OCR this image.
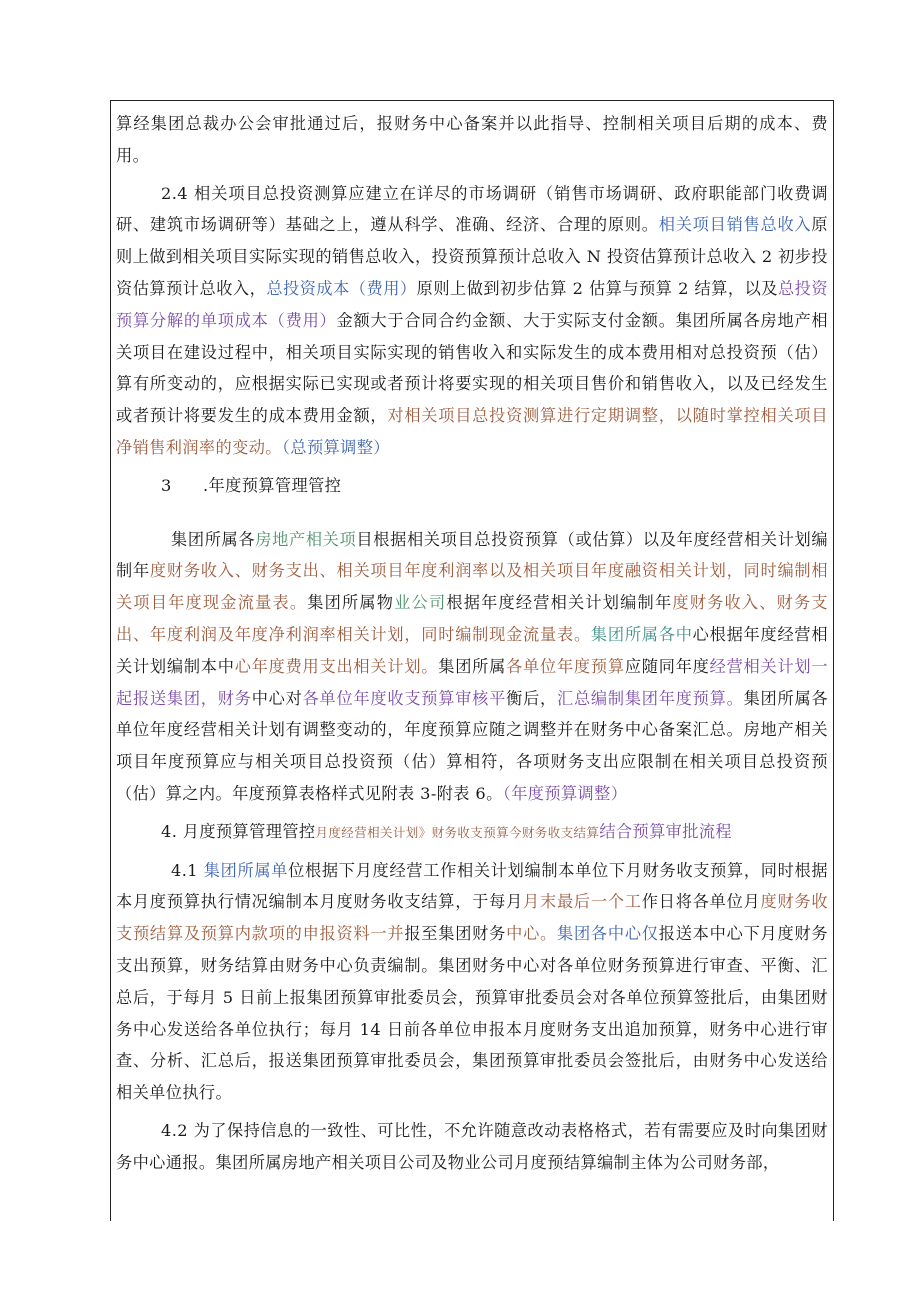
算经集团总裁办公会审批通过后，报财务中心备案并以此指导、控制相关项目后期的成本、费用。

2.4 相关项目总投资测算应建立在详尽的市场调研（销售市场调研、政府职能部门收费调研、建筑市场调研等）基础之上，遵从科学、准确、经济、合理的原则。相关项目销售总收入原则上做到相关项目实际实现的销售总收入，投资预算预计总收入 N 投资估算预计总收入 2 初步投资估算预计总收入，总投资成本（费用）原则上做到初步估算 2 估算与预算 2 结算，以及总投资预算分解的单项成本（费用）金额大于合同合约金额、大于实际支付金额。集团所属各房地产相关项目在建设过程中，相关项目实际实现的销售收入和实际发生的成本费用相对总投资预（估）算有所变动的，应根据实际已实现或者预计将要实现的相关项目售价和销售收入，以及已经发生或者预计将要发生的成本费用金额，对相关项目总投资测算进行定期调整，以随时掌控相关项目净销售利润率的变动。（总预算调整）

3 .年度预算管理管控

集团所属各房地产相关项目根据相关项目总投资预算（或估算）以及年度经营相关计划编制年度财务收入、财务支出、相关项目年度利润率以及相关项目年度融资相关计划，同时编制相关项目年度现金流量表。集团所属物业公司根据年度经营相关计划编制年度财务收入、财务支出、年度利润及年度净利润率相关计划，同时编制现金流量表。集团所属各中心根据年度经营相关计划编制本中心年度费用支出相关计划。集团所属各单位年度预算应随同年度经营相关计划一起报送集团，财务中心对各单位年度收支预算审核平衡后，汇总编制集团年度预算。集团所属各单位年度经营相关计划有调整变动的，年度预算应随之调整并在财务中心备案汇总。房地产相关项目年度预算应与相关项目总投资预（估）算相符，各项财务支出应限制在相关项目总投资预（估）算之内。年度预算表格样式见附表 3-附表 6。（年度预算调整）

4. 月度预算管理管控月度经营相关计划》财务收支预算今财务收支结算结合预算审批流程

4.1 集团所属单位根据下月度经营工作相关计划编制本单位下月财务收支预算，同时根据本月度预算执行情况编制本月度财务收支结算，于每月月末最后一个工作日将各单位月度财务收支预结算及预算内款项的申报资料一并报至集团财务中心。集团各中心仅报送本中心下月度财务支出预算，财务结算由财务中心负责编制。集团财务中心对各单位财务预算进行审查、平衡、汇总后，于每月 5 日前上报集团预算审批委员会，预算审批委员会对各单位预算签批后，由集团财务中心发送给各单位执行；每月 14 日前各单位申报本月度财务支出追加预算，财务中心进行审查、分析、汇总后，报送集团预算审批委员会，集团预算审批委员会签批后，由财务中心发送给相关单位执行。

4.2 为了保持信息的一致性、可比性，不允许随意改动表格格式，若有需要应及时向集团财务中心通报。集团所属房地产相关项目公司及物业公司月度预结算编制主体为公司财务部，
